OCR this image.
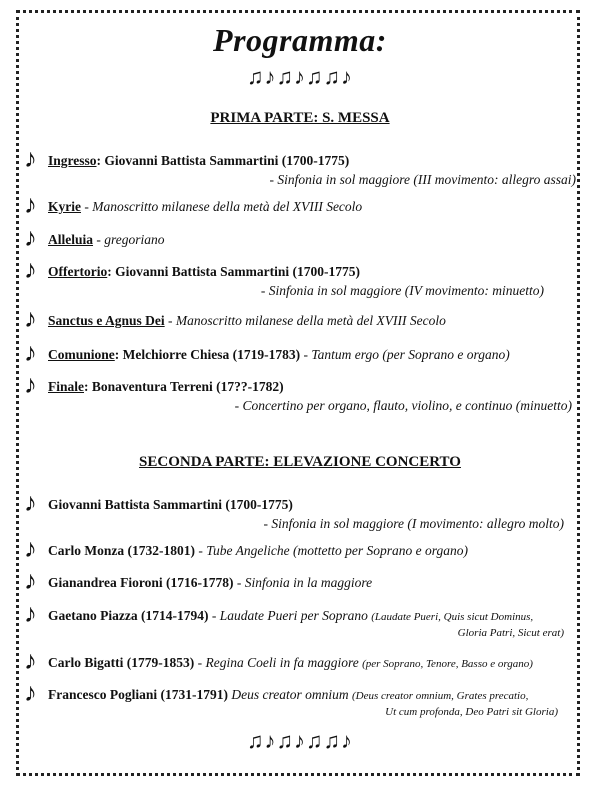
Programma:
♫♪♫♪♫♫♪
PRIMA PARTE: S. MESSA
♪ Ingresso: Giovanni Battista Sammartini (1700-1775)
- Sinfonia in sol maggiore (III movimento: allegro assai)
♪ Kyrie - Manoscritto milanese della metà del XVIII Secolo
♪ Alleluia - gregoriano
♪ Offertorio: Giovanni Battista Sammartini (1700-1775)
- Sinfonia in sol maggiore (IV movimento: minuetto)
♪ Sanctus e Agnus Dei - Manoscritto milanese della metà del XVIII Secolo
♪ Comunione: Melchiorre Chiesa (1719-1783) - Tantum ergo (per Soprano e organo)
♪ Finale: Bonaventura Terreni (17??-1782)
- Concertino per organo, flauto, violino, e continuo (minuetto)
SECONDA PARTE: ELEVAZIONE CONCERTO
♪ Giovanni Battista Sammartini (1700-1775)
- Sinfonia in sol maggiore (I movimento: allegro molto)
♪ Carlo Monza (1732-1801) - Tube Angeliche (mottetto per Soprano e organo)
♪ Gianandrea Fioroni (1716-1778) - Sinfonia in la maggiore
♪ Gaetano Piazza (1714-1794) - Laudate Pueri per Soprano (Laudate Pueri, Quis sicut Dominus,
Gloria Patri, Sicut erat)
♪ Carlo Bigatti (1779-1853) - Regina Coeli in fa maggiore (per Soprano, Tenore, Basso e organo)
♪ Francesco Pogliani (1731-1791) Deus creator omnium (Deus creator omnium, Grates precatio,
Ut cum profonda, Deo Patri sit Gloria)
♫♪♫♪♫♫♪
